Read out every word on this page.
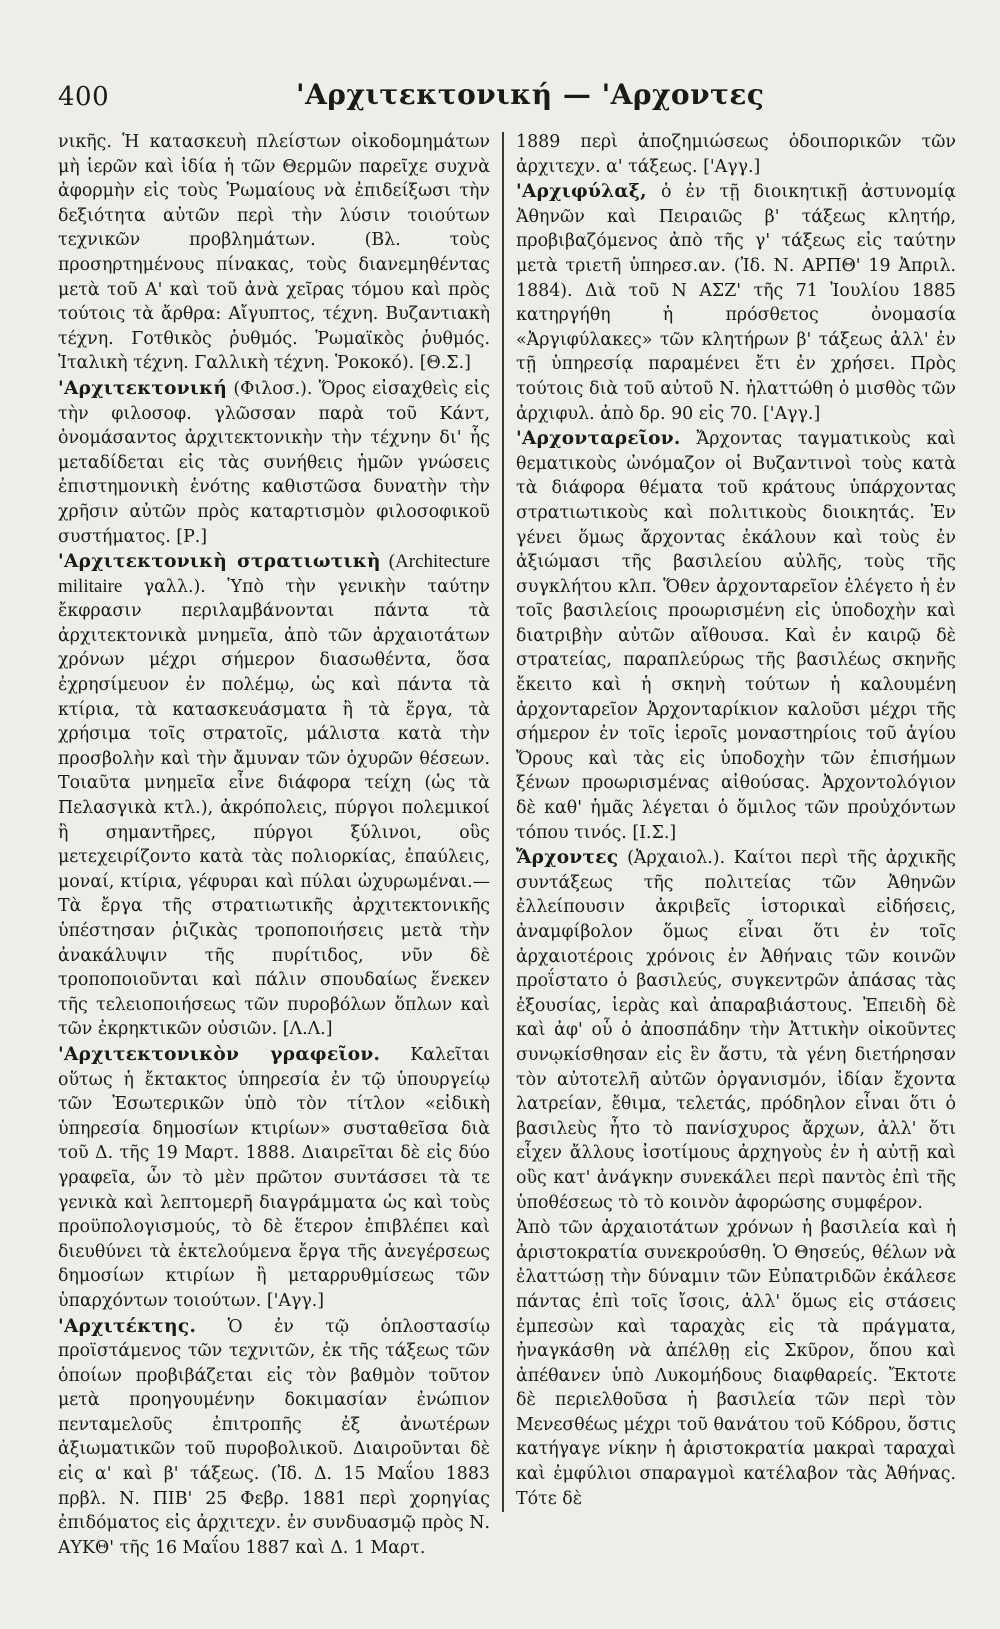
400	'Αρχιτεκτονική — 'Αρχοντες

νικῆς. Ἡ κατασκευὴ πλείστων οἰκοδομημάτων μὴ ἱερῶν καὶ ἰδία ἡ τῶν Θερμῶν παρεῖχε συχνὰ ἀφορμὴν εἰς τοὺς Ῥωμαίους νὰ ἐπιδείξωσι τὴν δεξιότητα αὐτῶν περὶ τὴν λύσιν τοιούτων τεχνικῶν προβλημάτων. (Βλ. τοὺς προσηρτημένους πίνακας, τοὺς διανεμηθέντας μετὰ τοῦ Α' καὶ τοῦ ἀνὰ χεῖρας τόμου καὶ πρὸς τούτοις τὰ ἄρθρα: Αἴγυπτος, τέχνη. Βυζαντιακὴ τέχνη. Γοτθικὸς ῥυθμός. Ῥωμαϊκὸς ῥυθμός. Ἰταλικὴ τέχνη. Γαλλικὴ τέχνη. Ῥοκοκό). [Θ.Σ.]

'Αρχιτεκτονική (Φιλοσ.). Ὅρος εἰσαχθεὶς εἰς τὴν φιλοσοφ. γλῶσσαν παρὰ τοῦ Κάντ, ὀνομάσαντος ἀρχιτεκτονικὴν τὴν τέχνην δι' ἧς μεταδίδεται εἰς τὰς συνήθεις ἡμῶν γνώσεις ἐπιστημονικὴ ἑνότης καθιστῶσα δυνατὴν τὴν χρῆσιν αὐτῶν πρὸς καταρτισμὸν φιλοσοφικοῦ συστήματος. [Ρ.]

'Αρχιτεκτονικὴ στρατιωτικὴ (Architecture militaire γαλλ.). Ὑπὸ τὴν γενικὴν ταύτην ἔκφρασιν περιλαμβάνονται πάντα τὰ ἀρχιτεκτονικὰ μνημεῖα, ἀπὸ τῶν ἀρχαιοτάτων χρόνων μέχρι σήμερον διασωθέντα, ὅσα ἐχρησίμευον ἐν πολέμῳ, ὡς καὶ πάντα τὰ κτίρια, τὰ κατασκευάσματα ἢ τὰ ἔργα, τὰ χρήσιμα τοῖς στρατοῖς, μάλιστα κατὰ τὴν προσβολὴν καὶ τὴν ἄμυναν τῶν ὀχυρῶν θέσεων. Τοιαῦτα μνημεῖα εἶνε διάφορα τείχη (ὡς τὰ Πελασγικὰ κτλ.), ἀκρόπολεις, πύργοι πολεμικοί ἢ σημαντῆρες, πύργοι ξύλινοι, οὓς μετεχειρίζοντο κατὰ τὰς πολιορκίας, ἐπαύλεις, μοναί, κτίρια, γέφυραι καὶ πύλαι ὠχυρωμέναι.—Τὰ ἔργα τῆς στρατιωτικῆς ἀρχιτεκτονικῆς ὑπέστησαν ῥιζικὰς τροποποιήσεις μετὰ τὴν ἀνακάλυψιν τῆς πυρίτιδος, νῦν δὲ τροποποιοῦνται καὶ πάλιν σπουδαίως ἕνεκεν τῆς τελειοποιήσεως τῶν πυροβόλων ὅπλων καὶ τῶν ἐκρηκτικῶν οὐσιῶν. [Λ.Λ.]

'Αρχιτεκτονικὸν γραφεῖον. Καλεῖται οὕτως ἡ ἔκτακτος ὑπηρεσία ἐν τῷ ὑπουργείῳ τῶν Ἐσωτερικῶν ὑπὸ τὸν τίτλον «εἰδικὴ ὑπηρεσία δημοσίων κτιρίων» συσταθεῖσα διὰ τοῦ Δ. τῆς 19 Μαρτ. 1888. Διαιρεῖται δὲ εἰς δύο γραφεῖα, ὧν τὸ μὲν πρῶτον συντάσσει τὰ τε γενικὰ καὶ λεπτομερῆ διαγράμματα ὡς καὶ τοὺς προϋπολογισμούς, τὸ δὲ ἕτερον ἐπιβλέπει καὶ διευθύνει τὰ ἐκτελούμενα ἔργα τῆς ἀνεγέρσεως δημοσίων κτιρίων ἢ μεταρρυθμίσεως τῶν ὑπαρχόντων τοιούτων. ['Αγγ.]

'Αρχιτέκτης. Ὁ ἐν τῷ ὁπλοστασίῳ προϊστάμενος τῶν τεχνιτῶν, ἐκ τῆς τάξεως τῶν ὁποίων προβιβάζεται εἰς τὸν βαθμὸν τοῦτον μετὰ προηγουμένην δοκιμασίαν ἐνώπιον πενταμελοῦς ἐπιτροπῆς ἐξ ἀνωτέρων ἀξιωματικῶν τοῦ πυροβολικοῦ. Διαιροῦνται δὲ εἰς α' καὶ β' τάξεως. (Ἰδ. Δ. 15 Μαΐου 1883 πρβλ. Ν. ΠΙΒ' 25 Φεβρ. 1881 περὶ χορηγίας ἐπιδόματος εἰς ἀρχιτεχν. ἐν συνδυασμῷ πρὸς Ν. ΑΥΚΘ' τῆς 16 Μαΐου 1887 καὶ Δ. 1 Μαρτ.

1889 περὶ ἀποζημιώσεως ὁδοιπορικῶν τῶν ἀρχιτεχν. α' τάξεως. ['Αγγ.]

'Αρχιφύλαξ, ὁ ἐν τῇ διοικητικῇ ἀστυνομίᾳ Ἀθηνῶν καὶ Πειραιῶς β' τάξεως κλητήρ, προβιβαζόμενος ἀπὸ τῆς γ' τάξεως εἰς ταύτην μετὰ τριετῆ ὑπηρεσ.αν. (Ἰδ. Ν. ΑΡΠΘ' 19 Ἀπριλ. 1884). Διὰ τοῦ Ν ΑΣΖ' τῆς 71 Ἰουλίου 1885 κατηργήθη ἡ πρόσθετος ὀνομασία «Ἀργιφύλακες» τῶν κλητήρων β' τάξεως ἀλλ' ἐν τῇ ὑπηρεσίᾳ παραμένει ἔτι ἐν χρήσει. Πρὸς τούτοις διὰ τοῦ αὐτοῦ Ν. ἠλαττώθη ὁ μισθὸς τῶν ἀρχιφυλ. ἀπὸ δρ. 90 εἰς 70. ['Αγγ.]

'Αρχονταρεῖον. Ἄρχοντας ταγματικοὺς καὶ θεματικοὺς ὠνόμαζον οἱ Βυζαντινοὶ τοὺς κατὰ τὰ διάφορα θέματα τοῦ κράτους ὑπάρχοντας στρατιωτικοὺς καὶ πολιτικοὺς διοικητάς. Ἐν γένει ὅμως ἄρχοντας ἐκάλουν καὶ τοὺς ἐν ἀξιώμασι τῆς βασιλείου αὐλῆς, τοὺς τῆς συγκλήτου κλπ. Ὅθεν ἀρχονταρεῖον ἐλέγετο ἡ ἐν τοῖς βασιλείοις προωρισμένη εἰς ὑποδοχὴν καὶ διατριβὴν αὐτῶν αἴθουσα. Καὶ ἐν καιρῷ δὲ στρατείας, παραπλεύρως τῆς βασιλέως σκηνῆς ἔκειτο καὶ ἡ σκηνὴ τούτων ἡ καλουμένη ἀρχονταρεῖον Ἀρχονταρίκιον καλοῦσι μέχρι τῆς σήμερον ἐν τοῖς ἱεροῖς μοναστηρίοις τοῦ ἁγίου Ὄρους καὶ τὰς εἰς ὑποδοχὴν τῶν ἐπισήμων ξένων προωρισμένας αἰθούσας. Ἀρχοντολόγιον δὲ καθ' ἡμᾶς λέγεται ὁ ὅμιλος τῶν προὐχόντων τόπου τινός. [Ι.Σ.]

Ἄρχοντες (Ἀρχαιολ.). Καίτοι περὶ τῆς ἀρχικῆς συντάξεως τῆς πολιτείας τῶν Ἀθηνῶν ἐλλείπουσιν ἀκριβεῖς ἱστορικαὶ εἰδήσεις, ἀναμφίβολον ὅμως εἶναι ὅτι ἐν τοῖς ἀρχαιοτέροις χρόνοις ἐν Ἀθήναις τῶν κοινῶν προΐστατο ὁ βασιλεύς, συγκεντρῶν ἁπάσας τὰς ἐξουσίας, ἱερὰς καὶ ἀπαραβιάστους. Ἐπειδὴ δὲ καὶ ἀφ' οὗ ὁ ἀποσπάδην τὴν Ἀττικὴν οἰκοῦντες συνῳκίσθησαν εἰς ἓν ἄστυ, τὰ γένη διετήρησαν τὸν αὐτοτελῆ αὐτῶν ὀργανισμόν, ἰδίαν ἔχοντα λατρείαν, ἔθιμα, τελετάς, πρόδηλον εἶναι ὅτι ὁ βασιλεὺς ἦτο τὸ πανίσχυρος ἄρχων, ἀλλ' ὅτι εἶχεν ἄλλους ἰσοτίμους ἀρχηγοὺς ἐν ἡ αὐτῇ καὶ οὓς κατ' ἀνάγκην συνεκάλει περὶ παντὸς ἐπὶ τῆς ὑποθέσεως τὸ τὸ κοινὸν ἀφορώσης συμφέρον.

Ἀπὸ τῶν ἀρχαιοτάτων χρόνων ἡ βασιλεία καὶ ἡ ἀριστοκρατία συνεκρούσθη. Ὁ Θησεύς, θέλων νὰ ἐλαττώσῃ τὴν δύναμιν τῶν Εὐπατριδῶν ἐκάλεσε πάντας ἐπὶ τοῖς ἴσοις, ἀλλ' ὅμως εἰς στάσεις ἐμπεσὼν καὶ ταραχὰς εἰς τὰ πράγματα, ἠναγκάσθη νὰ ἀπέλθῃ εἰς Σκῦρον, ὅπου καὶ ἀπέθανεν ὑπὸ Λυκομήδους διαφθαρείς. Ἔκτοτε δὲ περιελθοῦσα ἡ βασιλεία τῶν περὶ τὸν Μενεσθέως μέχρι τοῦ θανάτου τοῦ Κόδρου, ὅστις κατήγαγε νίκην ἡ ἀριστοκρατία μακραὶ ταραχαὶ καὶ ἐμφύλιοι σπαραγμοὶ κατέλαβον τὰς Ἀθήνας. Τότε δὲ
